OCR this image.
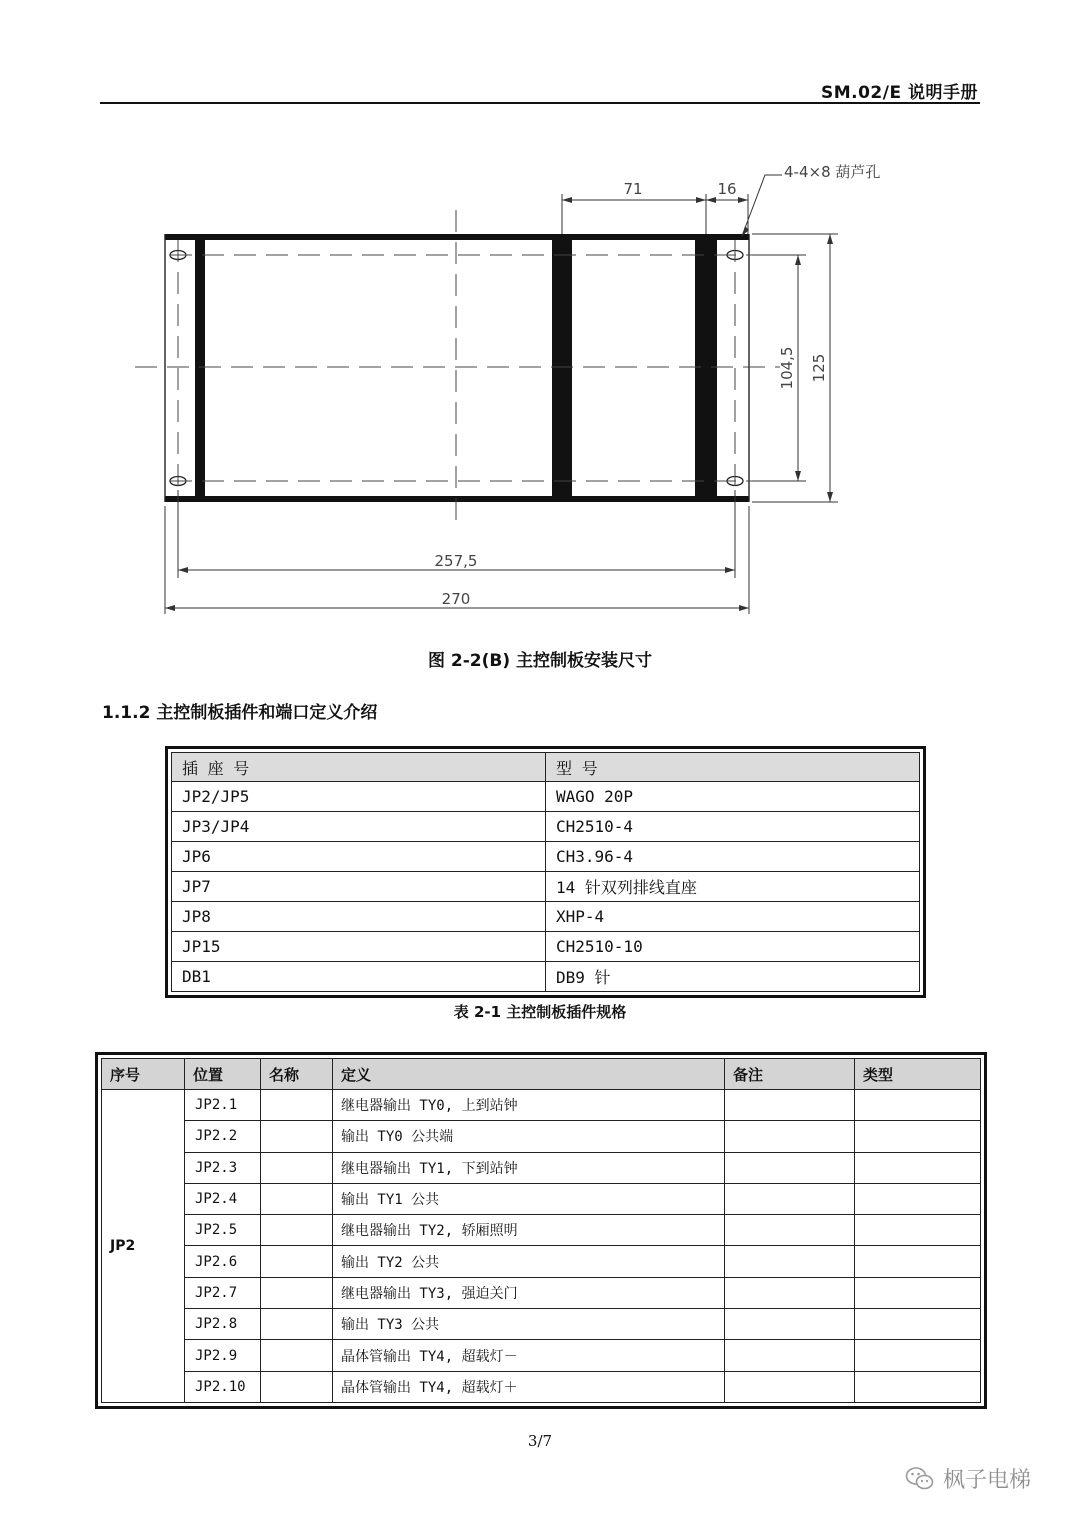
SM.02/E 说明手册
71	16
4-4×8 葫芦孔
104,5 125
257,5
270
图 2-2(B) 主控制板安装尺寸
1.1.2 主控制板插件和端口定义介绍
插 座 号	型 号
JP2/JP5	WAGO 20P
JP3/JP4	CH2510-4
JP6	CH3.96-4
JP7	14 针双列排线直座
JP8	XHP-4
JP15	CH2510-10
DB1	DB9 针
表 2-1 主控制板插件规格
序号	位置	名称	定义	备注	类型
JP2	JP2.1		继电器输出 TY0, 上到站钟		
	JP2.2		输出 TY0 公共端		
	JP2.3		继电器输出 TY1, 下到站钟		
	JP2.4		输出 TY1 公共		
	JP2.5		继电器输出 TY2, 轿厢照明		
	JP2.6		输出 TY2 公共		
	JP2.7		继电器输出 TY3, 强迫关门		
	JP2.8		输出 TY3 公共		
	JP2.9		晶体管输出 TY4, 超载灯－		
	JP2.10		晶体管输出 TY4, 超载灯＋		
3/7
枫子电梯
